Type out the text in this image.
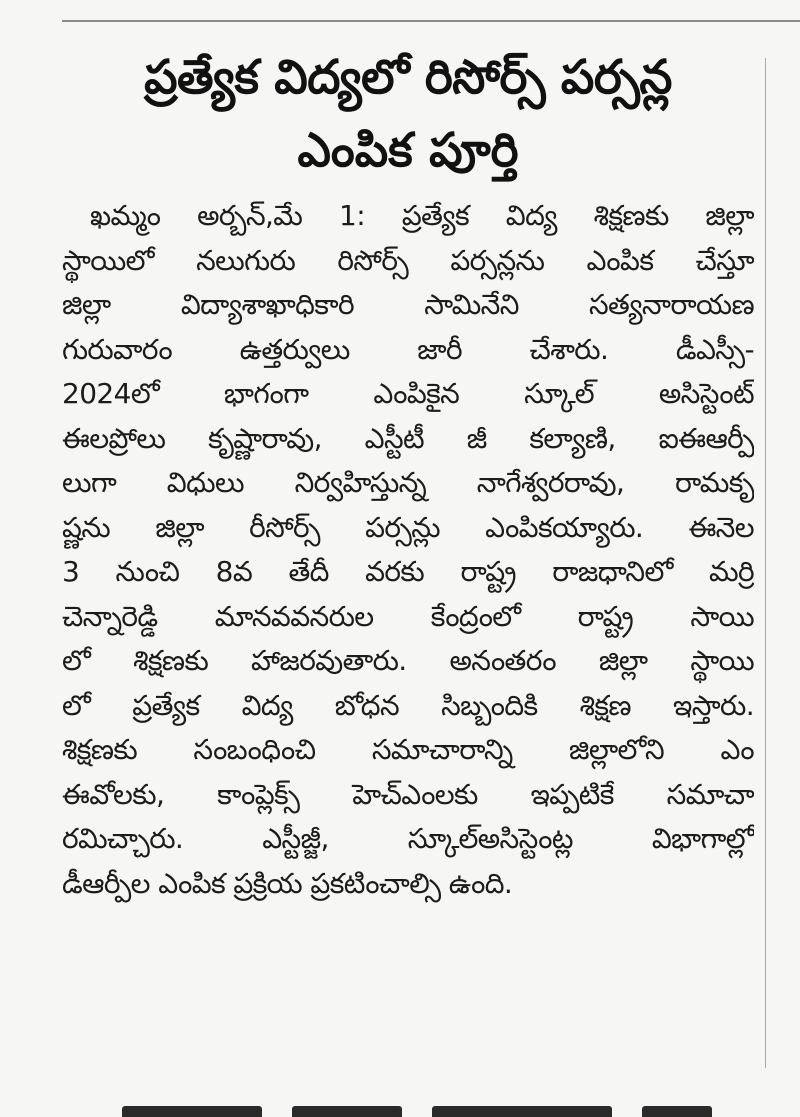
ప్రత్యేక విద్యలో రిసోర్స్ పర్సన్ల
ఎంపిక పూర్తి
ఖమ్మం అర్బన్,మే 1: ప్రత్యేక విద్య శిక్షణకు జిల్లా
స్థాయిలో నలుగురు రిసోర్స్ పర్సన్లను ఎంపిక చేస్తూ
జిల్లా విద్యాశాఖాధికారి సామినేని సత్యనారాయణ
గురువారం ఉత్తర్వులు జారీ చేశారు. డీఎస్సీ-
2024లో భాగంగా ఎంపికైన స్కూల్ అసిస్టెంట్
ఈలప్రోలు కృష్ణారావు, ఎస్టీటీ జీ కల్యాణి, ఐఈఆర్పీ
లుగా విధులు నిర్వహిస్తున్న నాగేశ్వరరావు, రామకృ
ష్ణను జిల్లా రీసోర్స్ పర్సన్లు ఎంపికయ్యారు. ఈనెల
3 నుంచి 8వ తేదీ వరకు రాష్ట్ర రాజధానిలో మర్రి
చెన్నారెడ్డి మానవవనరుల కేంద్రంలో రాష్ట్ర సాయి
లో శిక్షణకు హాజరవుతారు. అనంతరం జిల్లా స్థాయి
లో ప్రత్యేక విద్య బోధన సిబ్బందికి శిక్షణ ఇస్తారు.
శిక్షణకు సంబంధించి సమాచారాన్ని జిల్లాలోని ఎం
ఈవోలకు, కాంప్లెక్స్ హెచ్ఎంలకు ఇప్పటికే సమాచా
రమిచ్చారు. ఎస్టీజ్జీ, స్కూల్అసిస్టెంట్ల విభాగాల్లో
డీఆర్పీల ఎంపిక ప్రక్రియ ప్రకటించాల్సి ఉంది.
